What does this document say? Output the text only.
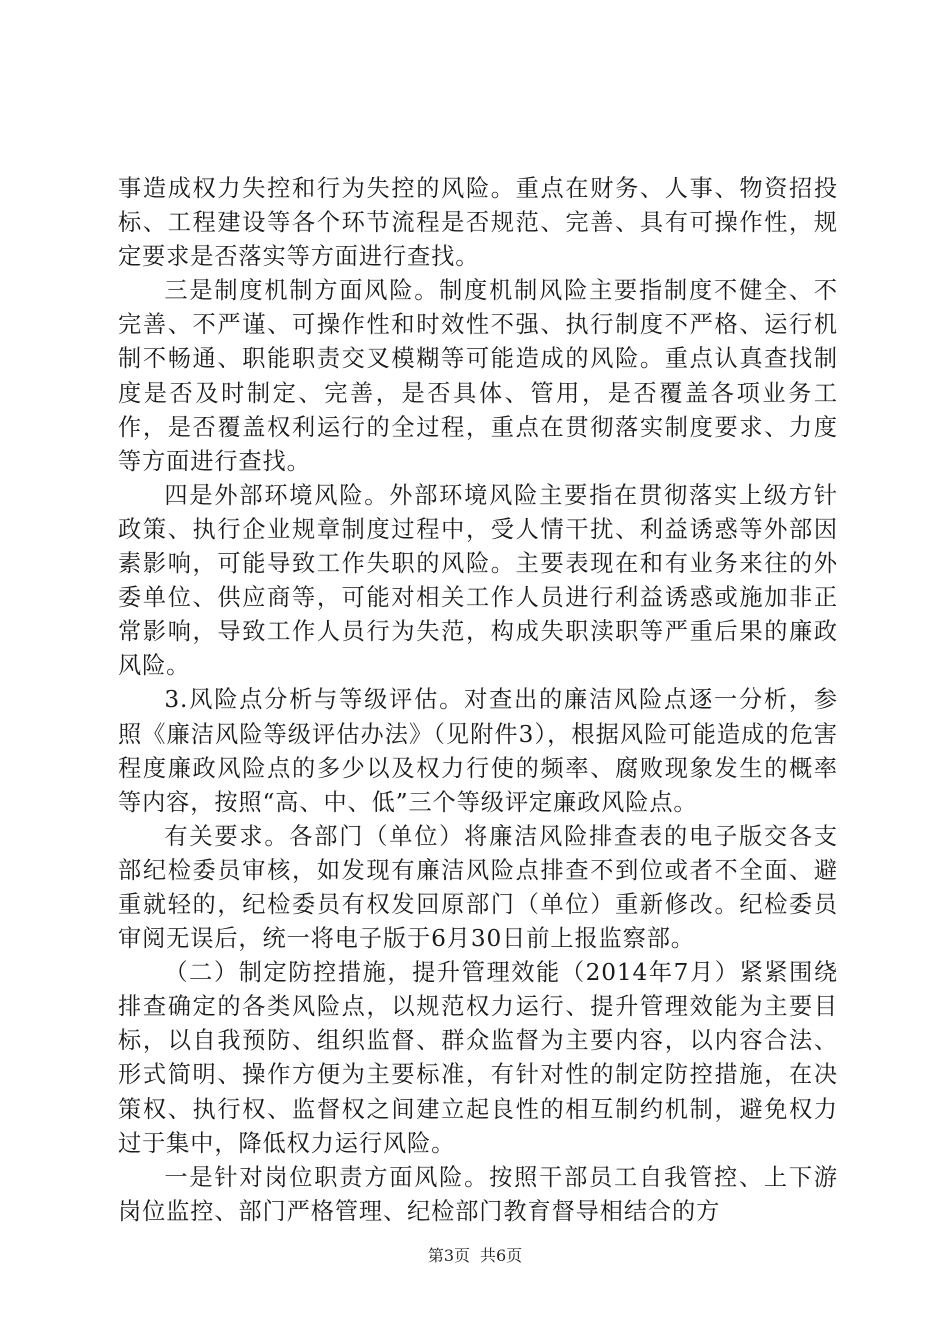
事造成权力失控和行为失控的风险。重点在财务、人事、物资招投标、工程建设等各个环节流程是否规范、完善、具有可操作性，规定要求是否落实等方面进行查找。

三是制度机制方面风险。制度机制风险主要指制度不健全、不完善、不严谨、可操作性和时效性不强、执行制度不严格、运行机制不畅通、职能职责交叉模糊等可能造成的风险。重点认真查找制度是否及时制定、完善，是否具体、管用，是否覆盖各项业务工作，是否覆盖权利运行的全过程，重点在贯彻落实制度要求、力度等方面进行查找。

四是外部环境风险。外部环境风险主要指在贯彻落实上级方针政策、执行企业规章制度过程中，受人情干扰、利益诱惑等外部因素影响，可能导致工作失职的风险。主要表现在和有业务来往的外委单位、供应商等，可能对相关工作人员进行利益诱惑或施加非正常影响，导致工作人员行为失范，构成失职渎职等严重后果的廉政风险。

3.风险点分析与等级评估。对查出的廉洁风险点逐一分析，参照《廉洁风险等级评估办法》（见附件3），根据风险可能造成的危害程度廉政风险点的多少以及权力行使的频率、腐败现象发生的概率等内容，按照“高、中、低”三个等级评定廉政风险点。

有关要求。各部门（单位）将廉洁风险排查表的电子版交各支部纪检委员审核，如发现有廉洁风险点排查不到位或者不全面、避重就轻的，纪检委员有权发回原部门（单位）重新修改。纪检委员审阅无误后，统一将电子版于6月30日前上报监察部。

（二）制定防控措施，提升管理效能（2014年7月）紧紧围绕排查确定的各类风险点，以规范权力运行、提升管理效能为主要目标，以自我预防、组织监督、群众监督为主要内容，以内容合法、形式简明、操作方便为主要标准，有针对性的制定防控措施，在决策权、执行权、监督权之间建立起良性的相互制约机制，避免权力过于集中，降低权力运行风险。

一是针对岗位职责方面风险。按照干部员工自我管控、上下游岗位监控、部门严格管理、纪检部门教育督导相结合的方

第3页 共6页
